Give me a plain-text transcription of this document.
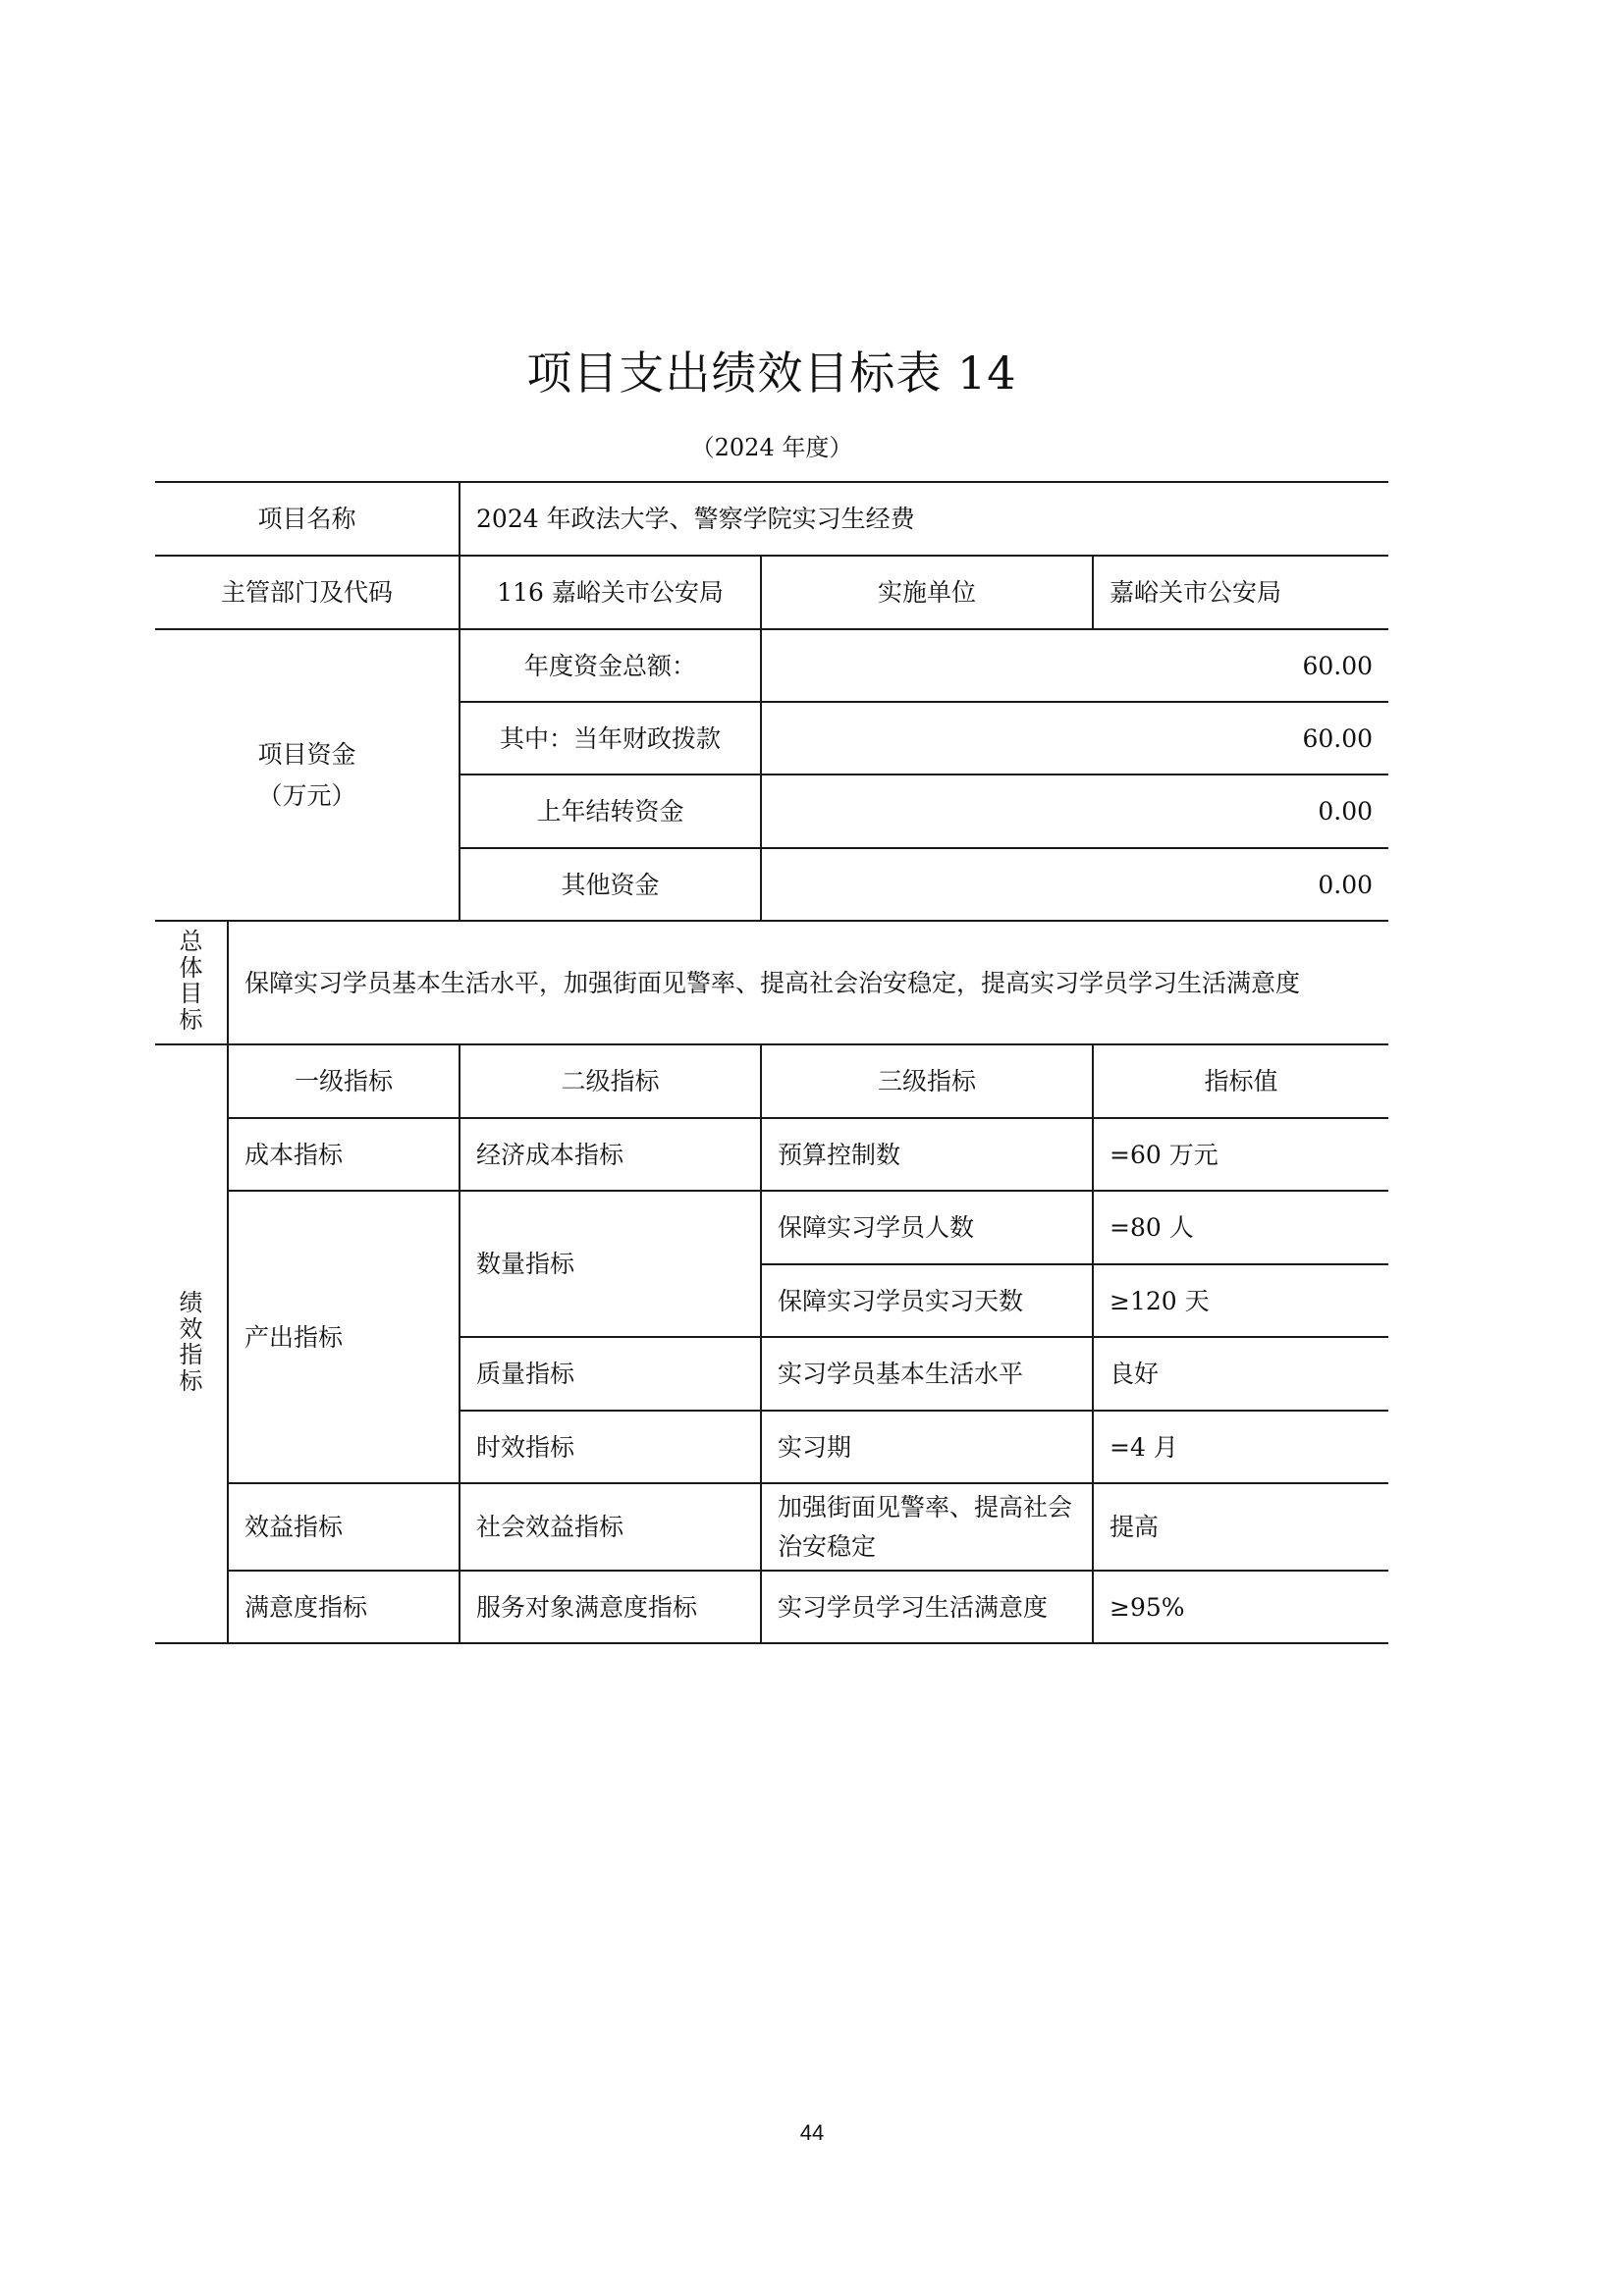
项目支出绩效目标表 14
（2024 年度）
项目名称		2024 年政法大学、警察学院实习生经费		
主管部门及代码		116 嘉峪关市公安局	实施单位	嘉峪关市公安局

项目资金
（万元）		年度资金总额：	60.00	
		其中：当年财政拨款	60.00	
		上年结转资金	0.00	
		其他资金	0.00	
总体目标	保障实习学员基本生活水平，加强街面见警率、提高社会治安稳定，提高实习学员学习生活满意度			
绩效指标	一级指标	二级指标	三级指标	指标值
	成本指标	经济成本指标	预算控制数	=60 万元
	产出指标	数量指标	保障实习学员人数	=80 人
			保障实习学员实习天数	≥120 天
		质量指标	实习学员基本生活水平	良好
		时效指标	实习期	=4 月
	效益指标	社会效益指标	加强街面见警率、提高社会治安稳定	提高
	满意度指标	服务对象满意度指标	实习学员学习生活满意度	≥95%
44
